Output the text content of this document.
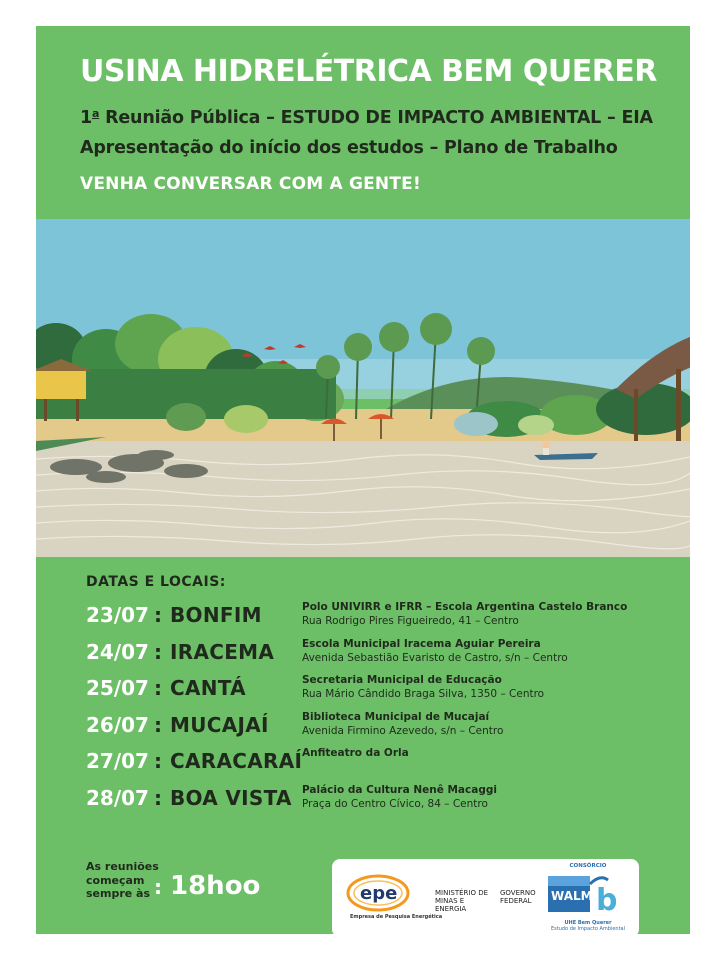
USINA HIDRELÉTRICA BEM QUERER
1$^a$ Reunião Pública – ESTUDO DE IMPACTO AMBIENTAL – EIA
Apresentação do início dos estudos – Plano de Trabalho
VENHA CONVERSAR COM A GENTE!
DATAS E LOCAIS:
23/07 : BONFIM	Polo UNIVIRR e IFRR – Escola Argentina Castelo Branco
Rua Rodrigo Pires Figueiredo, 41 – Centro
24/07 : IRACEMA	Escola Municipal Iracema Aguiar Pereira
Avenida Sebastião Evaristo de Castro, s/n – Centro
25/07 : CANTÁ	Secretaria Municipal de Educação
Rua Mário Cândido Braga Silva, 1350 – Centro
26/07 : MUCAJAÍ	Biblioteca Municipal de Mucajaí
Avenida Firmino Azevedo, s/n – Centro
27/07 : CARACARAÍ Anfiteatro da Orla
28/07 : BOA VISTA Palácio da Cultura Nenê Macaggi
Praça do Centro Cívico, 84 – Centro
As reuniões começam sempre às : 18hoo	epe
Empresa de Pesquisa Energética
MINISTÉRIO DE MINAS E ENERGIA
GOVERNO FEDERAL
CONSÓRCIO
WALM b
UHE Bem Querer
Estudo de Impacto Ambiental
